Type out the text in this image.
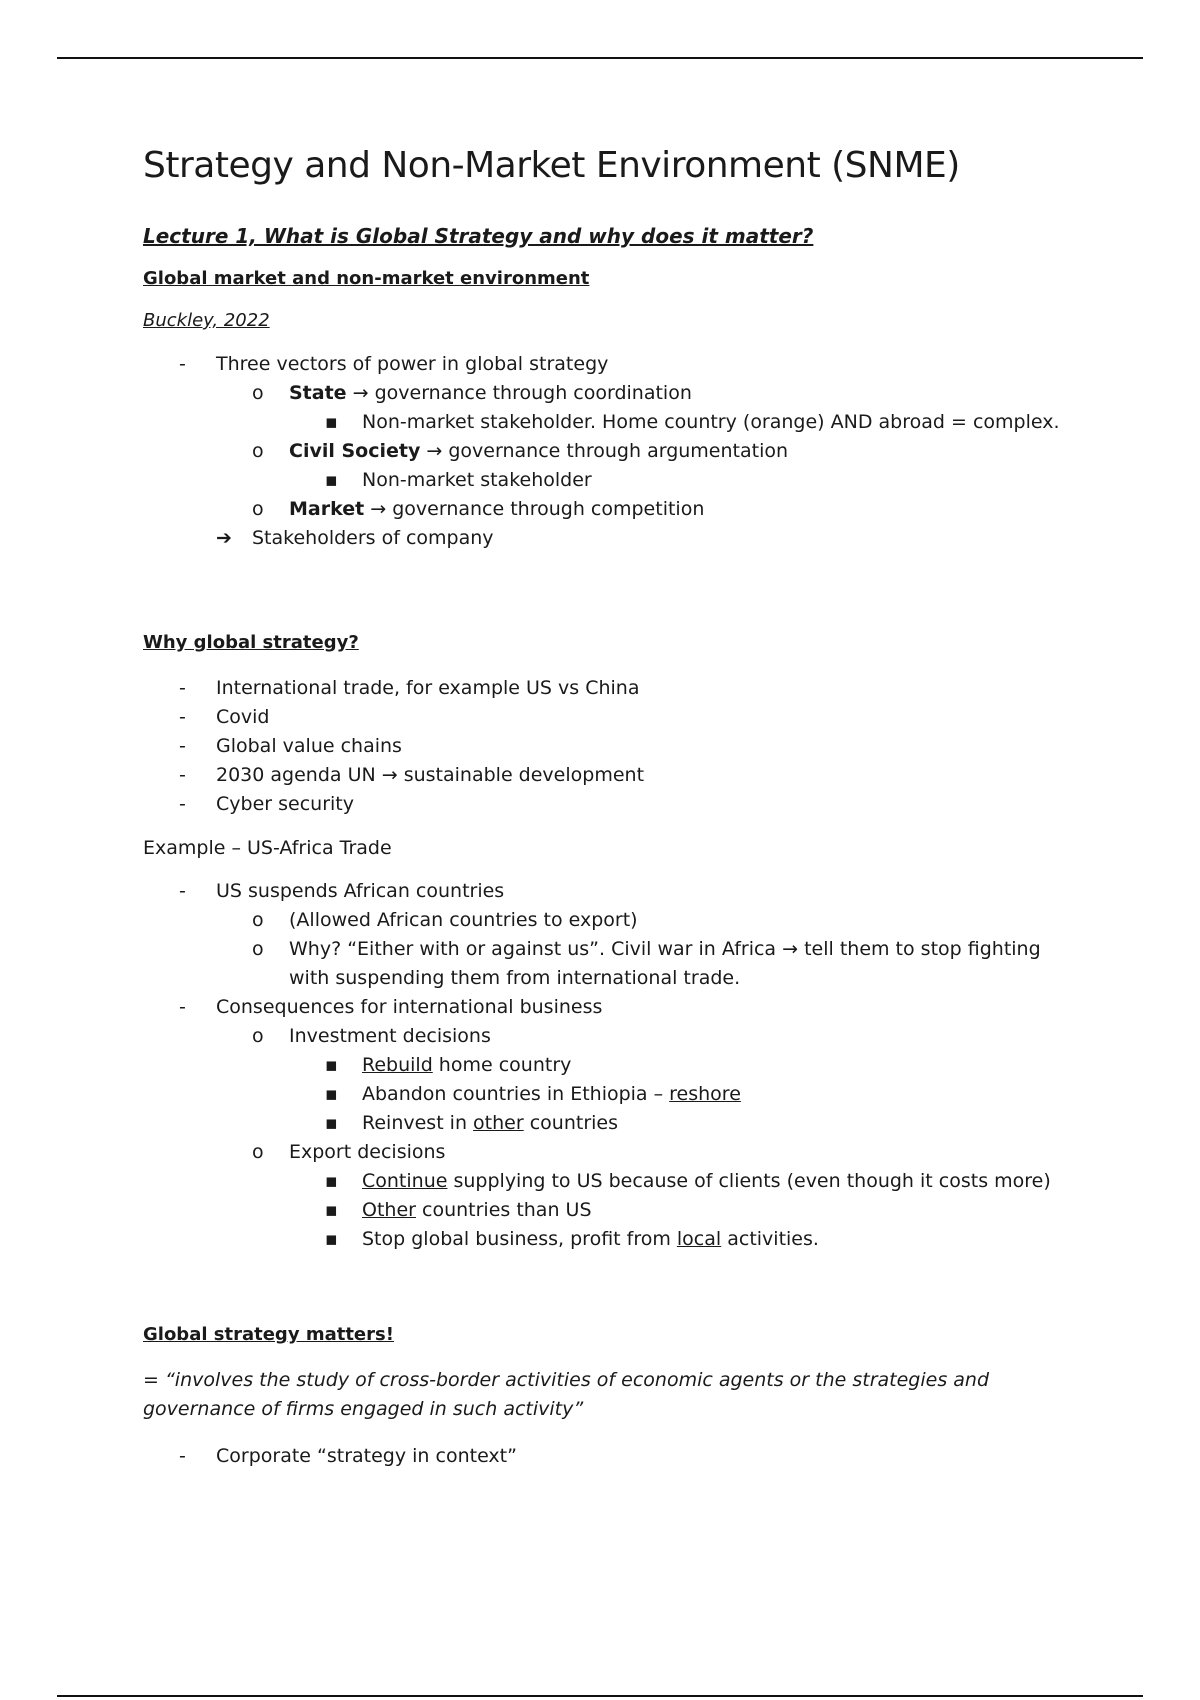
Strategy and Non-Market Environment (SNME)
Lecture 1, What is Global Strategy and why does it matter?
Global market and non-market environment
Buckley, 2022
- Three vectors of power in global strategy
o State → governance through coordination
▪ Non-market stakeholder. Home country (orange) AND abroad = complex.
o Civil Society → governance through argumentation
▪ Non-market stakeholder
o Market → governance through competition
➔ Stakeholders of company
Why global strategy?
- International trade, for example US vs China
- Covid
- Global value chains
- 2030 agenda UN → sustainable development
- Cyber security
Example – US-Africa Trade
- US suspends African countries
o (Allowed African countries to export)
o Why? “Either with or against us”. Civil war in Africa → tell them to stop fighting with suspending them from international trade.
- Consequences for international business
o Investment decisions
▪ Rebuild home country
▪ Abandon countries in Ethiopia – reshore
▪ Reinvest in other countries
o Export decisions
▪ Continue supplying to US because of clients (even though it costs more)
▪ Other countries than US
▪ Stop global business, profit from local activities.
Global strategy matters!
= “involves the study of cross-border activities of economic agents or the strategies and governance of firms engaged in such activity”
- Corporate “strategy in context”
